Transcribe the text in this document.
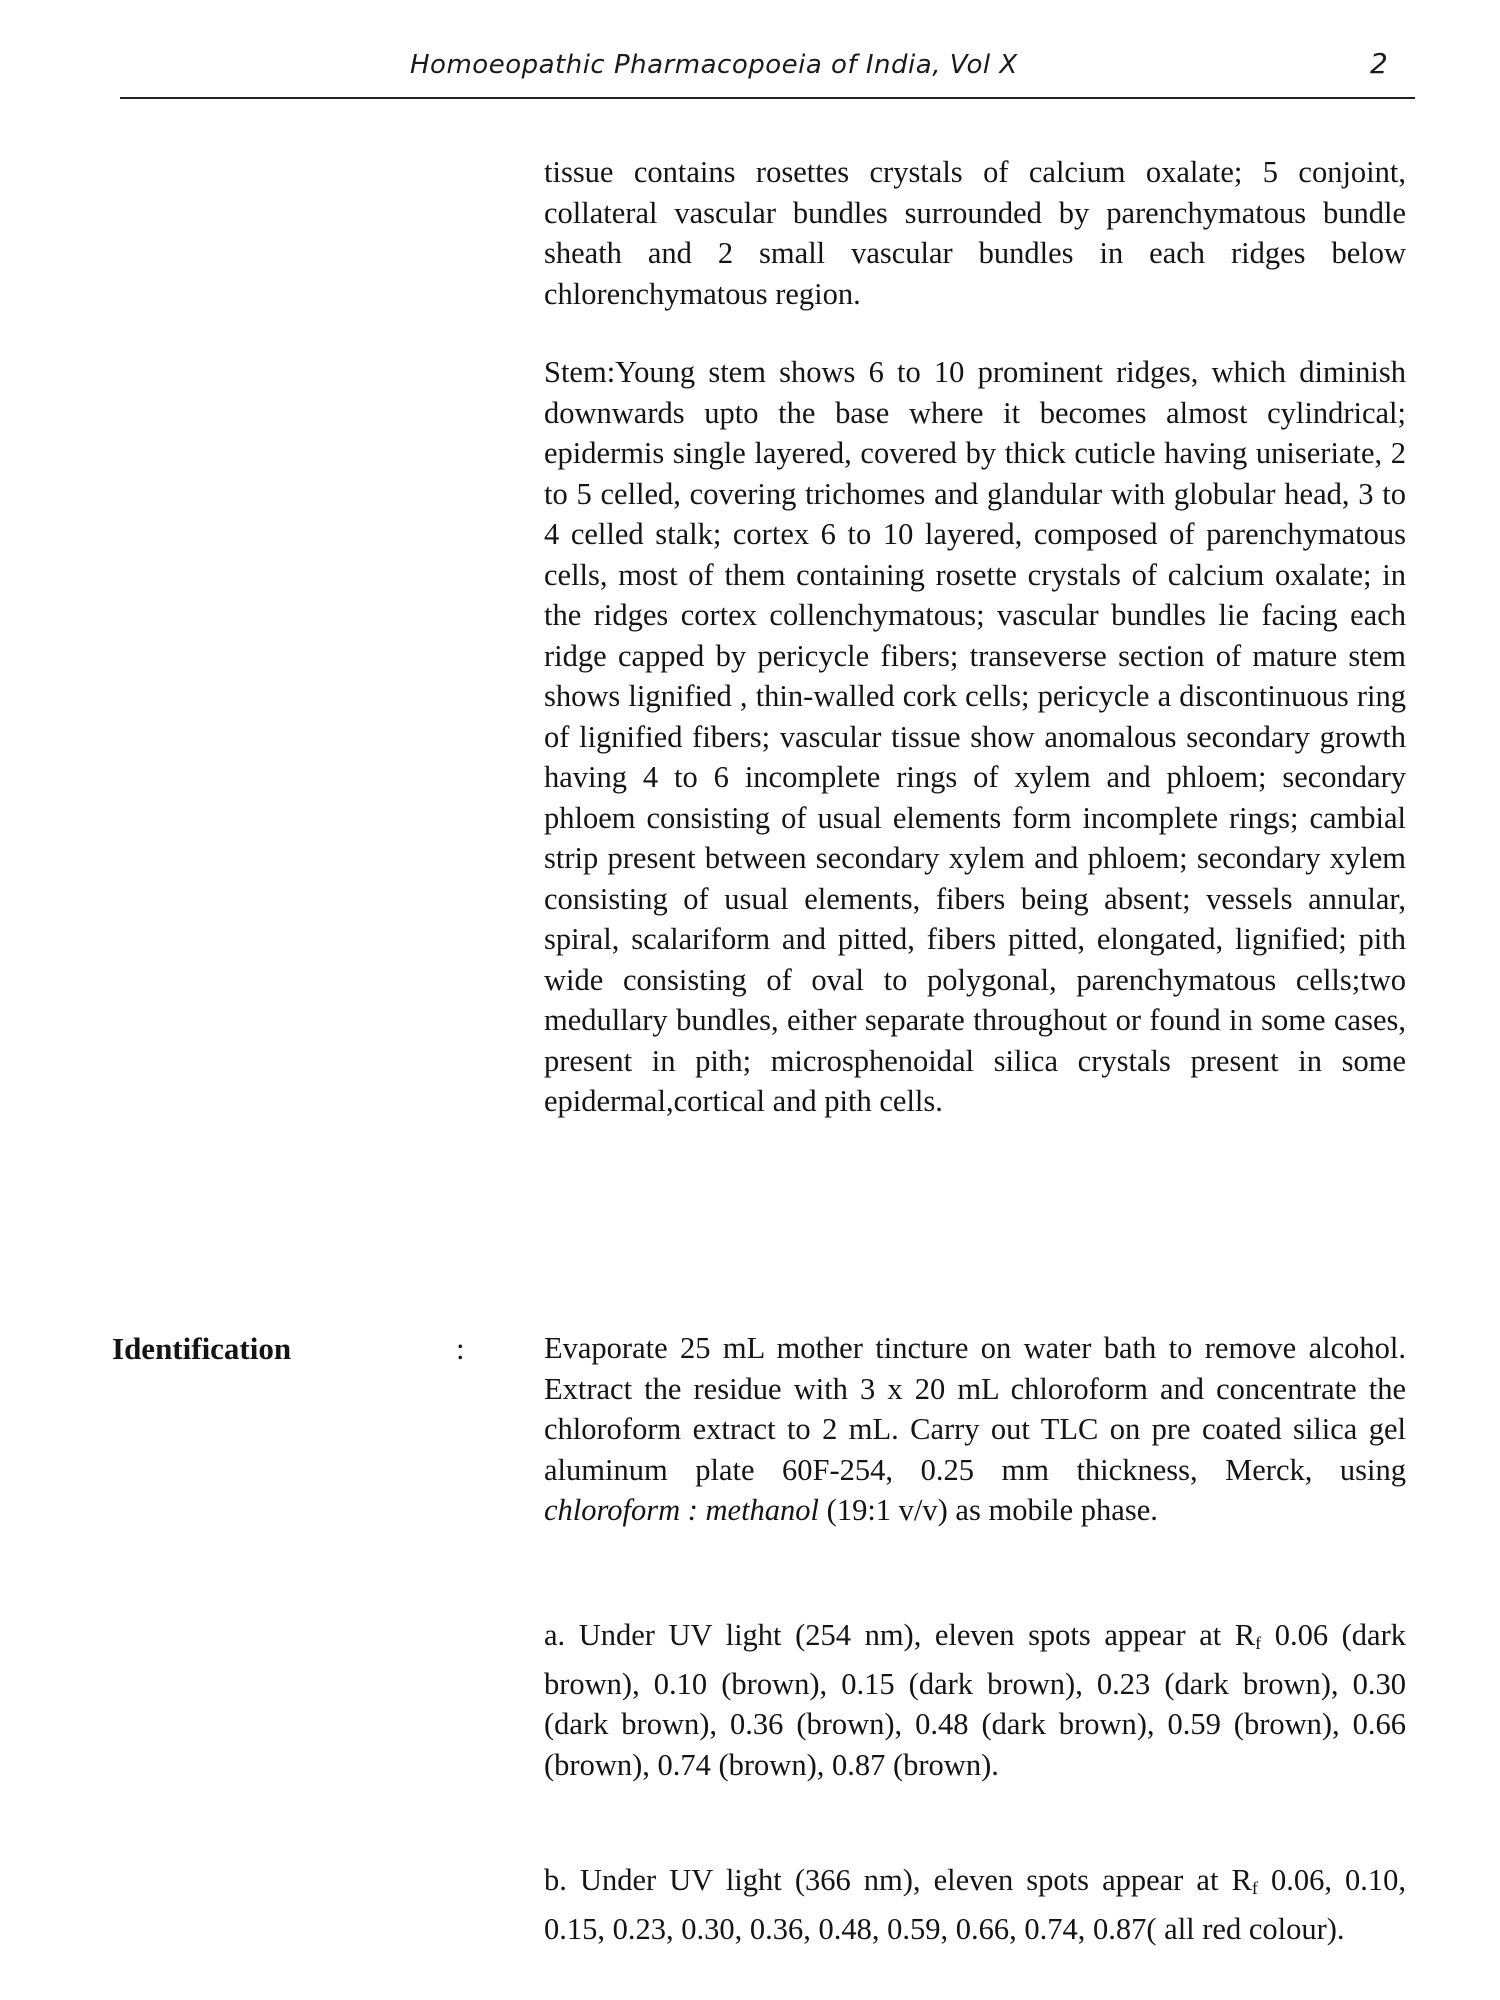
Homoeopathic Pharmacopoeia of India, Vol X	2

tissue contains rosettes crystals of calcium oxalate; 5 conjoint, collateral vascular bundles surrounded by parenchymatous bundle sheath and 2 small vascular bundles in each ridges below chlorenchymatous region.

Stem:Young stem shows 6 to 10 prominent ridges, which diminish downwards upto the base where it becomes almost cylindrical; epidermis single layered, covered by thick cuticle having uniseriate, 2 to 5 celled, covering trichomes and glandular with globular head, 3 to 4 celled stalk; cortex 6 to 10 layered, composed of parenchymatous cells, most of them containing rosette crystals of calcium oxalate; in the ridges cortex collenchymatous; vascular bundles lie facing each ridge capped by pericycle fibers; transeverse section of mature stem shows lignified , thin-walled cork cells; pericycle a discontinuous ring of lignified fibers; vascular tissue show anomalous secondary growth having 4 to 6 incomplete rings of xylem and phloem; secondary phloem consisting of usual elements form incomplete rings; cambial strip present between secondary xylem and phloem; secondary xylem consisting of usual elements, fibers being absent; vessels annular, spiral, scalariform and pitted, fibers pitted, elongated, lignified; pith wide consisting of oval to polygonal, parenchymatous cells;two medullary bundles, either separate throughout or found in some cases, present in pith; microsphenoidal silica crystals present in some epidermal,cortical and pith cells.

Identification	:	Evaporate 25 mL mother tincture on water bath to remove alcohol. Extract the residue with 3 x 20 mL chloroform and concentrate the chloroform extract to 2 mL. Carry out TLC on pre coated silica gel aluminum plate 60F-254, 0.25 mm thickness, Merck, using chloroform : methanol (19:1 v/v) as mobile phase.

a. Under UV light (254 nm), eleven spots appear at $R_f$ 0.06 (dark brown), 0.10 (brown), 0.15 (dark brown), 0.23 (dark brown), 0.30 (dark brown), 0.36 (brown), 0.48 (dark brown), 0.59 (brown), 0.66 (brown), 0.74 (brown), 0.87 (brown).

b. Under UV light (366 nm), eleven spots appear at $R_f$ 0.06, 0.10, 0.15, 0.23, 0.30, 0.36, 0.48, 0.59, 0.66, 0.74, 0.87( all red colour).
